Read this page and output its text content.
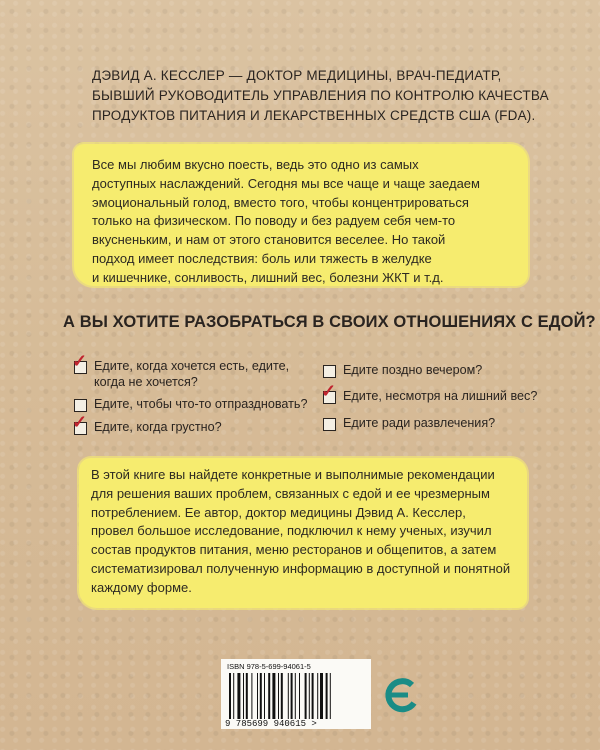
ДЭВИД А. КЕССЛЕР — ДОКТОР МЕДИЦИНЫ, ВРАЧ-ПЕДИАТР,
БЫВШИЙ РУКОВОДИТЕЛЬ УПРАВЛЕНИЯ ПО КОНТРОЛЮ КАЧЕСТВА
ПРОДУКТОВ ПИТАНИЯ И ЛЕКАРСТВЕННЫХ СРЕДСТВ США (FDA).
Все мы любим вкусно поесть, ведь это одно из самых
доступных наслаждений. Сегодня мы все чаще и чаще заедаем
эмоциональный голод, вместо того, чтобы концентрироваться
только на физическом. По поводу и без радуем себя чем-то
вкусненьким, и нам от этого становится веселее. Но такой
подход имеет последствия: боль или тяжесть в желудке
и кишечнике, сонливость, лишний вес, болезни ЖКТ и т.д.
А ВЫ ХОТИТЕ РАЗОБРАТЬСЯ В СВОИХ ОТНОШЕНИЯХ С ЕДОЙ?
✓ Едите, когда хочется есть, едите,
когда не хочется?
Едите, чтобы что-то отпраздновать?
✓ Едите, когда грустно?
Едите поздно вечером?
✓ Едите, несмотря на лишний вес?
Едите ради развлечения?
В этой книге вы найдете конкретные и выполнимые рекомендации
для решения ваших проблем, связанных с едой и ее чрезмерным
потреблением. Ее автор, доктор медицины Дэвид А. Кесслер,
провел большое исследование, подключил к нему ученых, изучил
состав продуктов питания, меню ресторанов и общепитов, а затем
систематизировал полученную информацию в доступной и понятной
каждому форме.
ISBN 978-5-699-94061-5
9 785699 940615 >
